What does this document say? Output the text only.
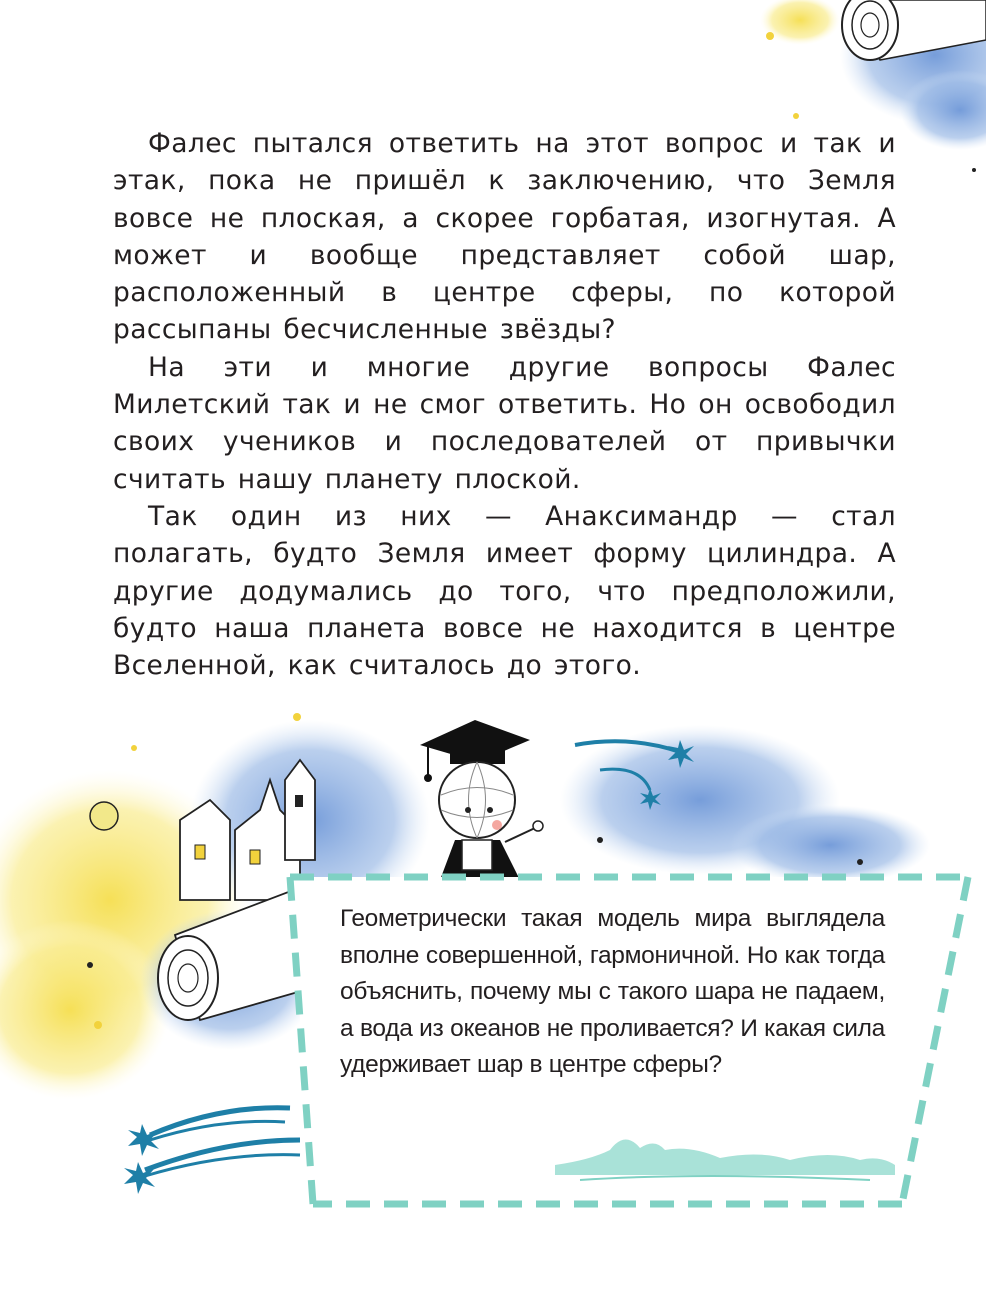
Фалес пытался ответить на этот вопрос и так и этак, пока не пришёл к заключению, что Земля вовсе не плоская, а скорее горбатая, изогнутая. А может и вообще представляет собой шар, расположенный в центре сферы, по которой рассыпаны бесчисленные звёзды?

На эти и многие другие вопросы Фалес Милетский так и не смог ответить. Но он освободил своих учеников и последователей от привычки считать нашу планету плоской.

Так один из них — Анаксимандр — стал полагать, будто Земля имеет форму цилиндра. А другие додумались до того, что предположили, будто наша планета вовсе не находится в центре Вселенной, как считалось до этого.

Геометрически такая модель мира выглядела вполне совершенной, гармоничной. Но как тогда объяснить, почему мы с такого шара не падаем, а вода из океанов не проливается? И какая сила удерживает шар в центре сферы?
